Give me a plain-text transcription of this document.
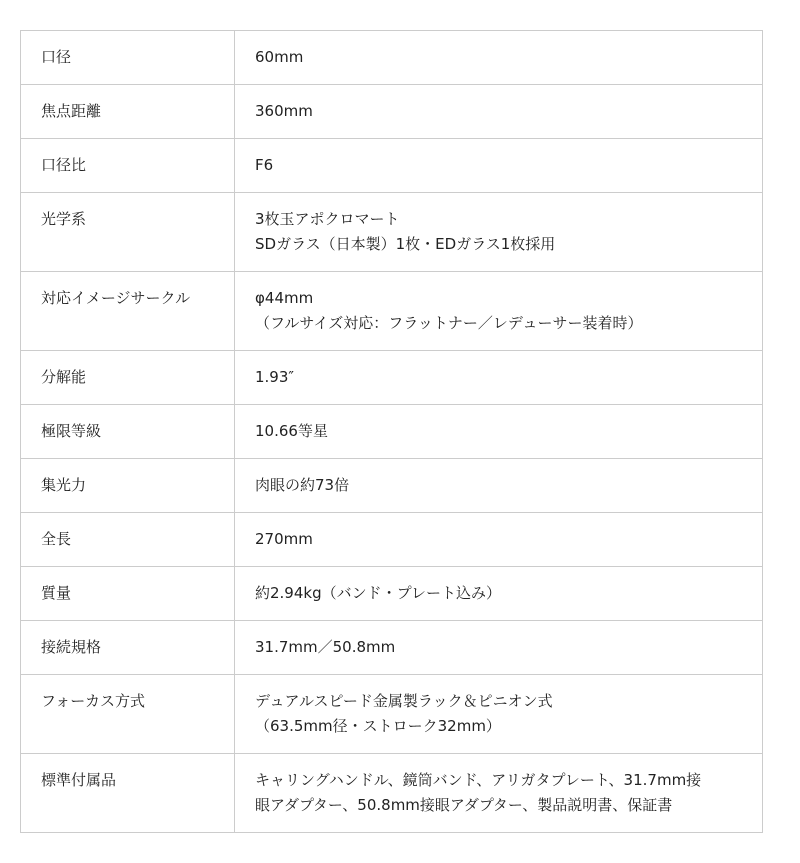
口径	60mm

焦点距離	360mm

口径比	F6

光学系	3枚玉アポクロマート
SDガラス（日本製）1枚・EDガラス1枚採用

対応イメージサークル	φ44mm
（フルサイズ対応：フラットナー／レデューサー装着時）

分解能	1.93″

極限等級	10.66等星

集光力	肉眼の約73倍

全長	270mm

質量	約2.94kg（バンド・プレート込み）

接続規格	31.7mm／50.8mm

フォーカス方式	デュアルスピード金属製ラック＆ピニオン式
（63.5mm径・ストローク32mm）

標準付属品	キャリングハンドル、鏡筒バンド、アリガタプレート、31.7mm接
眼アダプター、50.8mm接眼アダプター、製品説明書、保証書
